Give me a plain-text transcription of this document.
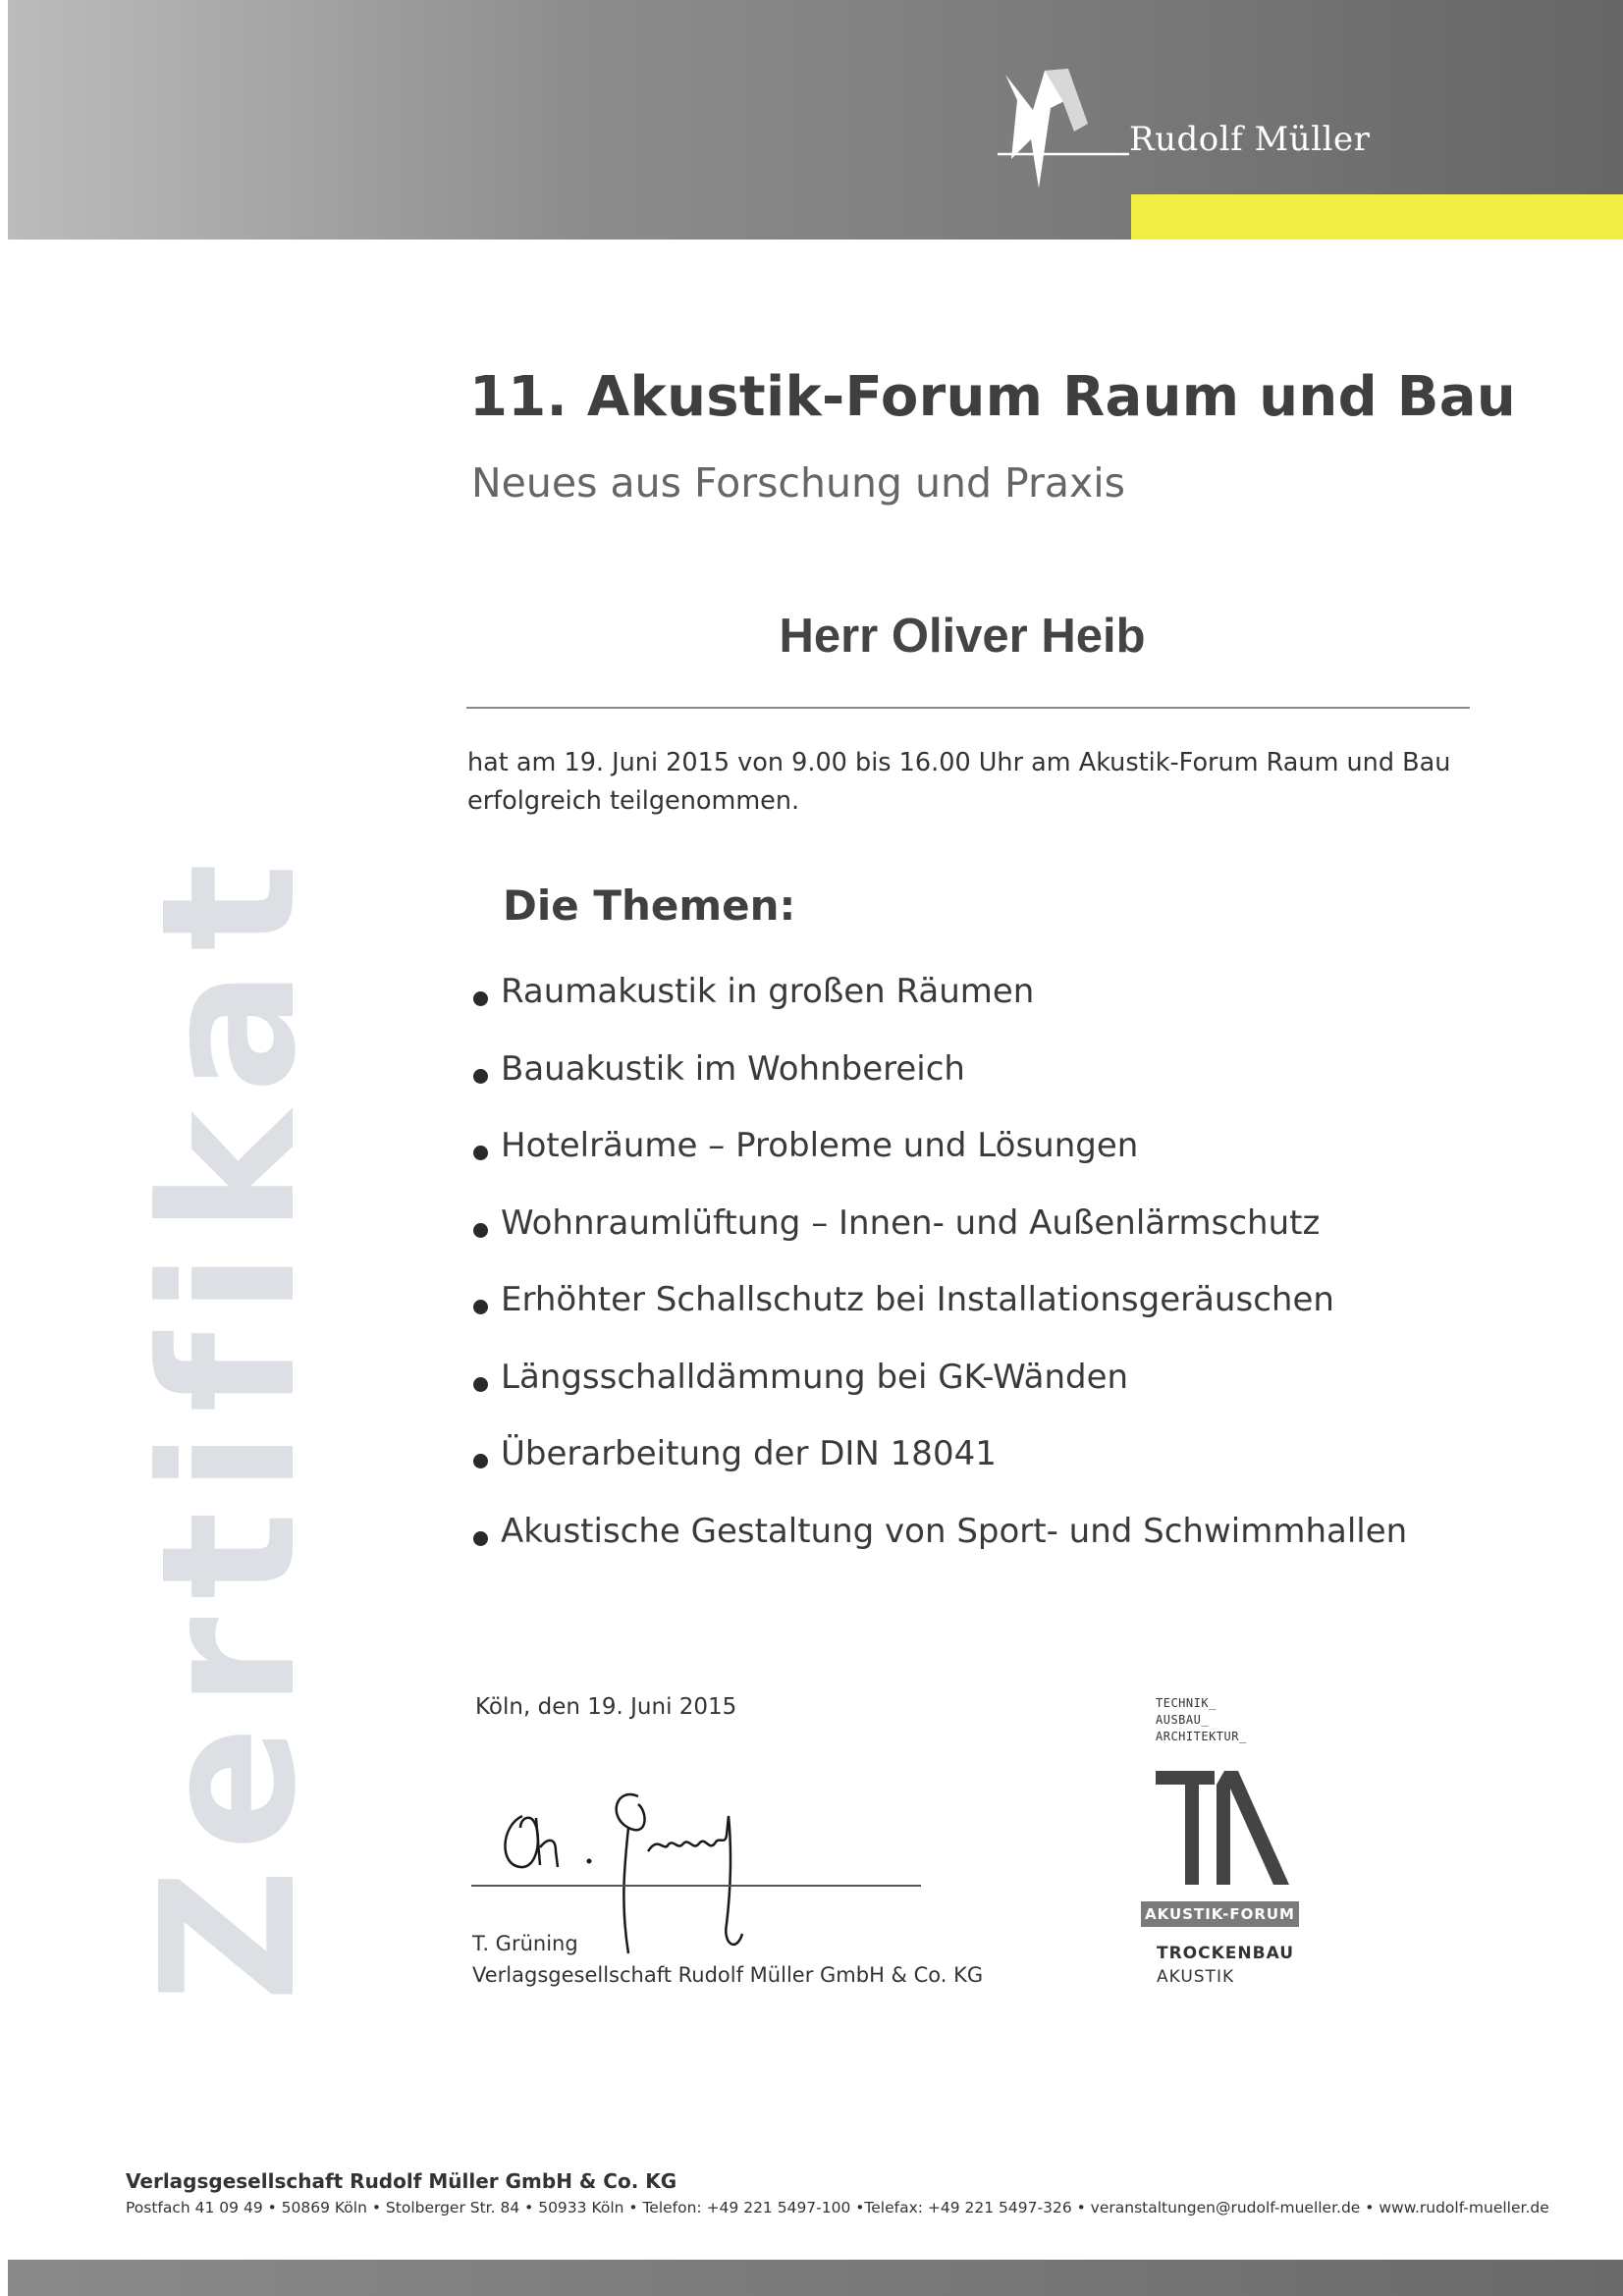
Rudolf Müller
Zertifikat
11. Akustik-Forum Raum und Bau
Neues aus Forschung und Praxis
Herr Oliver Heib
hat am 19. Juni 2015 von 9.00 bis 16.00 Uhr am Akustik-Forum Raum und Bau
erfolgreich teilgenommen.
Die Themen:
Raumakustik in großen Räumen
Bauakustik im Wohnbereich
Hotelräume – Probleme und Lösungen
Wohnraumlüftung – Innen- und Außenlärmschutz
Erhöhter Schallschutz bei Installationsgeräuschen
Längsschalldämmung bei GK-Wänden
Überarbeitung der DIN 18041
Akustische Gestaltung von Sport- und Schwimmhallen
Köln, den 19. Juni 2015
T. Grüning
Verlagsgesellschaft Rudolf Müller GmbH & Co. KG
TECHNIK_
AUSBAU_
ARCHITEKTUR_
AKUSTIK-FORUM
TROCKENBAU
AKUSTIK
Verlagsgesellschaft Rudolf Müller GmbH & Co. KG
Postfach 41 09 49 • 50869 Köln • Stolberger Str. 84 • 50933 Köln • Telefon: +49 221 5497-100 •Telefax: +49 221 5497-326 • veranstaltungen@rudolf-mueller.de • www.rudolf-mueller.de
